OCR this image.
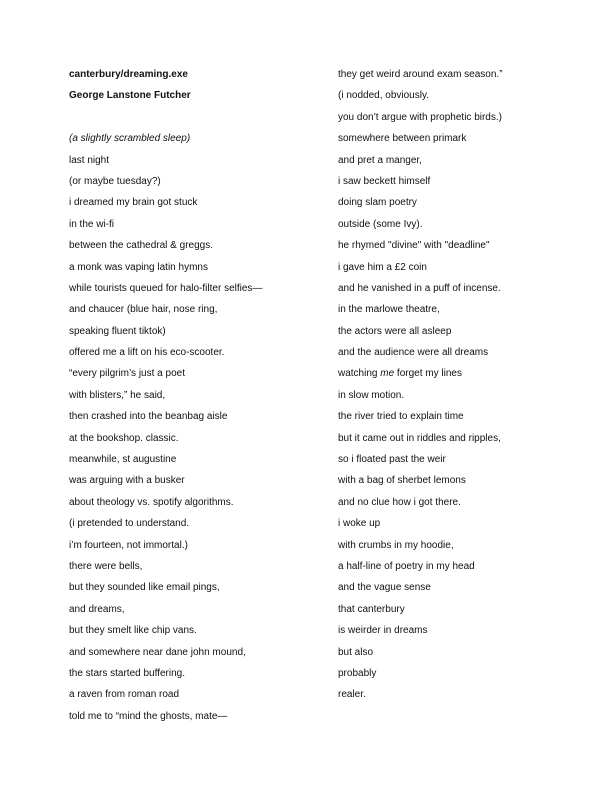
canterbury/dreaming.exe
George Lanstone Futcher
(a slightly scrambled sleep)
last night
(or maybe tuesday?)
i dreamed my brain got stuck
in the wi-fi
between the cathedral & greggs.
a monk was vaping latin hymns
while tourists queued for halo-filter selfies—
and chaucer (blue hair, nose ring,
speaking fluent tiktok)
offered me a lift on his eco-scooter.
“every pilgrim’s just a poet
with blisters,” he said,
then crashed into the beanbag aisle
at the bookshop. classic.
meanwhile, st augustine
was arguing with a busker
about theology vs. spotify algorithms.
(i pretended to understand.
i’m fourteen, not immortal.)
there were bells,
but they sounded like email pings,
and dreams,
but they smelt like chip vans.
and somewhere near dane john mound,
the stars started buffering.
a raven from roman road
told me to “mind the ghosts, mate—
they get weird around exam season.”
(i nodded, obviously.
you don’t argue with prophetic birds.)
somewhere between primark
and pret a manger,
i saw beckett himself
doing slam poetry
outside (some Ivy).
he rhymed "divine" with "deadline"
i gave him a £2 coin
and he vanished in a puff of incense.
in the marlowe theatre,
the actors were all asleep
and the audience were all dreams
watching me forget my lines
in slow motion.
the river tried to explain time
but it came out in riddles and ripples,
so i floated past the weir
with a bag of sherbet lemons
and no clue how i got there.
i woke up
with crumbs in my hoodie,
a half-line of poetry in my head
and the vague sense
that canterbury
is weirder in dreams
but also
probably
realer.
